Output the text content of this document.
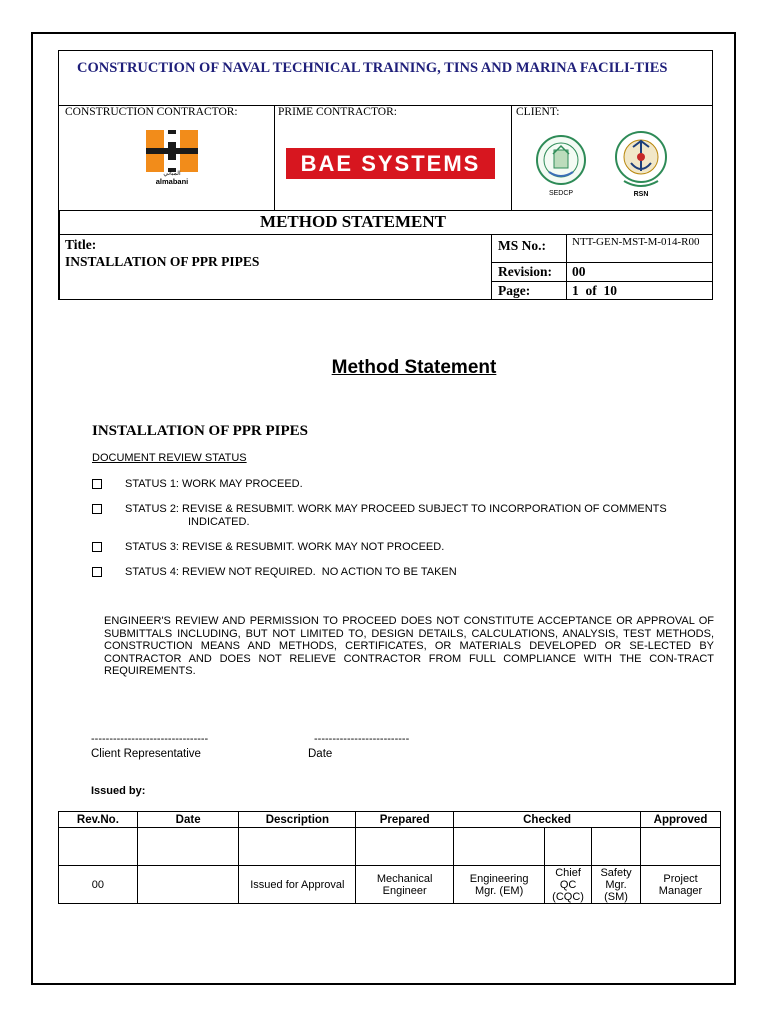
CONSTRUCTION OF NAVAL TECHNICAL TRAINING, TINS AND MARINA FACILI-TIES
CONSTRUCTION CONTRACTOR:	PRIME CONTRACTOR:	CLIENT:
المباني
almabani
BAE SYSTEMS
SEDCP	RSN
METHOD STATEMENT
Title:
INSTALLATION OF PPR PIPES
MS No.: NTT-GEN-MST-M-014-R00
Revision: 00
Page:	1  of  10
Method Statement
INSTALLATION OF PPR PIPES
DOCUMENT REVIEW STATUS
STATUS 1: WORK MAY PROCEED.
STATUS 2: REVISE & RESUBMIT. WORK MAY PROCEED SUBJECT TO INCORPORATION OF COMMENTS
INDICATED.
STATUS 3: REVISE & RESUBMIT. WORK MAY NOT PROCEED.
STATUS 4: REVIEW NOT REQUIRED.  NO ACTION TO BE TAKEN
ENGINEER'S REVIEW AND PERMISSION TO PROCEED DOES NOT CONSTITUTE ACCEPTANCE OR APPROVAL OF SUBMITTALS INCLUDING, BUT NOT LIMITED TO, DESIGN DETAILS, CALCULATIONS, ANALYSIS, TEST METHODS, CONSTRUCTION MEANS AND METHODS, CERTIFICATES, OR MATERIALS DEVELOPED OR SE-LECTED BY CONTRACTOR AND DOES NOT RELIEVE CONTRACTOR FROM FULL COMPLIANCE WITH THE CON-TRACT REQUIREMENTS.
--------------------------------	--------------------------
Client Representative	Date
Issued by:
Rev.No.	Date	Description	Prepared	Checked			Approved

00		Issued for Approval	Mechanical Engineer	Engineering Mgr. (EM)	Chief QC (CQC)	Safety Mgr. (SM)	Project Manager
